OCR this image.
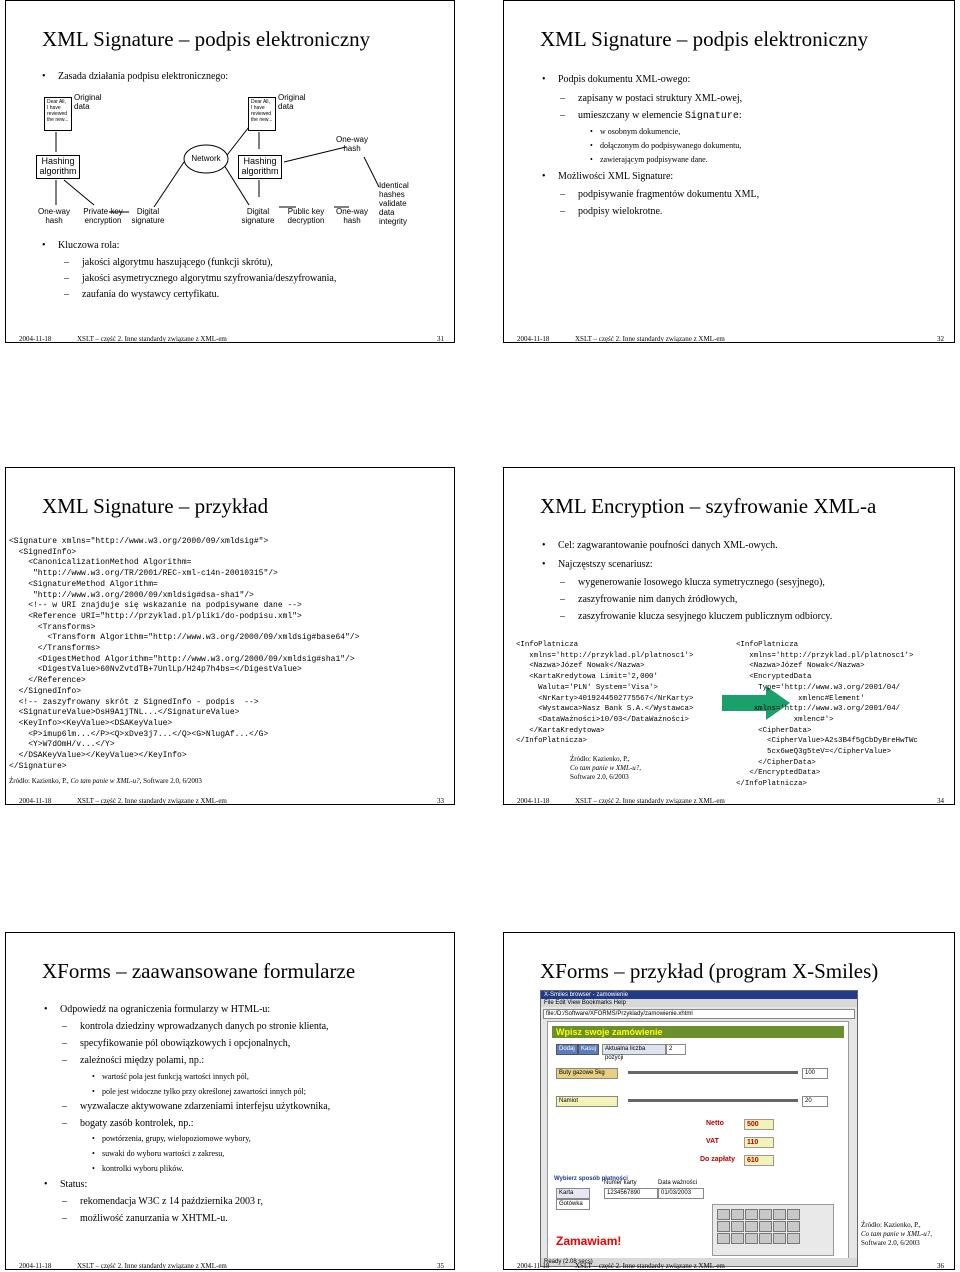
XML Signature – podpis elektroniczny
• Zasada działania podpisu elektronicznego:
Dear All,
I have
reviewed
the new...
Original
data	Dear All,
I have
reviewed
the new...
Original
data
Hashing
algorithm
Hashing
algorithm
Network
One-way
hash
One-way
hash
Private key
encryption
Digital
signature
Digital
signature
Public key
decryption
One-way
hash
Identical
hashes
validate
data
integrity
• Kluczowa rola:
– jakości algorytmu haszującego (funkcji skrótu),
– jakości asymetrycznego algorytmu szyfrowania/deszyfrowania,
– zaufania do wystawcy certyfikatu.
2004-11-18	XSLT – część 2. Inne standardy związane z XML-em	31
XML Signature – podpis elektroniczny
• Podpis dokumentu XML-owego:
– zapisany w postaci struktury XML-owej,
– umieszczany w elemencie Signature:
• w osobnym dokumencie,
• dołączonym do podpisywanego dokumentu,
• zawierającym podpisywane dane.
• Możliwości XML Signature:
– podpisywanie fragmentów dokumentu XML,
– podpisy wielokrotne.
2004-11-18	XSLT – część 2. Inne standardy związane z XML-em	32
XML Signature – przykład
<Signature xmlns="http://www.w3.org/2000/09/xmldsig#">
<SignedInfo>
<CanonicalizationMethod Algorithm=
"http://www.w3.org/TR/2001/REC-xml-c14n-20010315"/>
<SignatureMethod Algorithm=
"http://www.w3.org/2000/09/xmldsig#dsa-sha1"/>
<!-- w URI znajduje się wskazanie na podpisywane dane -->
<Reference URI="http://przyklad.pl/pliki/do-podpisu.xml">
<Transforms>
<Transform Algorithm="http://www.w3.org/2000/09/xmldsig#base64"/>
</Transforms>
<DigestMethod Algorithm="http://www.w3.org/2000/09/xmldsig#sha1"/>
<DigestValue>60NvZvtdTB+7UnlLp/H24p7h4bs=</DigestValue>
</Reference>
</SignedInfo>
<!-- zaszyfrowany skrót z SignedInfo - podpis  -->
<SignatureValue>OsH9A1jTNL...</SignatureValue>
<KeyInfo><KeyValue><DSAKeyValue>
<P>imup6lm...</P><Q>xDve3j7...</Q><G>NlugAf...</G>
<Y>W7dOmH/v...</Y>
</DSAKeyValue></KeyValue></KeyInfo>
</Signature>
Źródło: Kazienko, P., Co tam panie w XML-u?, Software 2.0, 6/2003
2004-11-18	XSLT – część 2. Inne standardy związane z XML-em	33
XML Encryption – szyfrowanie XML-a
• Cel: zagwarantowanie poufności danych XML-owych.
• Najczęstszy scenariusz:
– wygenerowanie losowego klucza symetrycznego (sesyjnego),
– zaszyfrowanie nim danych źródłowych,
– zaszyfrowanie klucza sesyjnego kluczem publicznym odbiorcy.
<InfoPlatnicza
xmlns='http://przyklad.pl/platnosc1'>
<Nazwa>Józef Nowak</Nazwa>
<KartaKredytowa Limit='2,000'
Waluta='PLN' System='Visa'>
<NrKarty>4019244502775567</NrKarty>
<Wystawca>Nasz Bank S.A.</Wystawca>
<DataWażności>10/03</DataWażności>
</KartaKredytowa>
</InfoPlatnicza>
<InfoPlatnicza
xmlns='http://przyklad.pl/platnosc1'>
<Nazwa>Józef Nowak</Nazwa>
<EncryptedData
Type='http://www.w3.org/2001/04/
xmlenc#Element'
xmlns='http://www.w3.org/2001/04/
xmlenc#'>
<CipherData>
<CipherValue>A2s3B4f5gCbDyBreHwTWc
5cx6weQ3g5teV=</CipherValue>
</CipherData>
</EncryptedData>
</InfoPlatnicza>
Źródło: Kazienko, P.,
Co tam panie w XML-u?,
Software 2.0, 6/2003
2004-11-18	XSLT – część 2. Inne standardy związane z XML-em	34
XForms – zaawansowane formularze
• Odpowiedź na ograniczenia formularzy w HTML-u:
– kontrola dziedziny wprowadzanych danych po stronie klienta,
– specyfikowanie pól obowiązkowych i opcjonalnych,
– zależności między polami, np.:
• wartość pola jest funkcją wartości innych pól,
• pole jest widoczne tylko przy określonej zawartości innych pól;
– wyzwalacze aktywowane zdarzeniami interfejsu użytkownika,
– bogaty zasób kontrolek, np.:
• powtórzenia, grupy, wielopoziomowe wybory,
• suwaki do wyboru wartości z zakresu,
• kontrolki wyboru plików.
• Status:
– rekomendacja W3C z 14 października 2003 r,
– możliwość zanurzania w XHTML-u.
2004-11-18	XSLT – część 2. Inne standardy związane z XML-em	35
XForms – przykład (program X-Smiles)
X-Smiles browser - zamowienie
File Edit View Bookmarks Help
file:/D:/Software/XFORMS/Przyklady/zamowienie.xhtml
Wpisz swoje zamówienie
Dodaj	Kasuj	Aktualna liczba pozycji
2
Buty gazowe 5kg	100
Namiot	20
Netto	500
VAT	110
Do zapłaty	610
Wybierz sposób płatności
Karta
Gotówka
Numer karty
1234567890
Data ważności
01/03/2003
Zamawiam!
Ready (2.08 secs)
Źródło: Kazienko, P.,
Co tam panie w XML-u?,
Software 2.0, 6/2003
2004-11-18	XSLT – część 2. Inne standardy związane z XML-em	36
